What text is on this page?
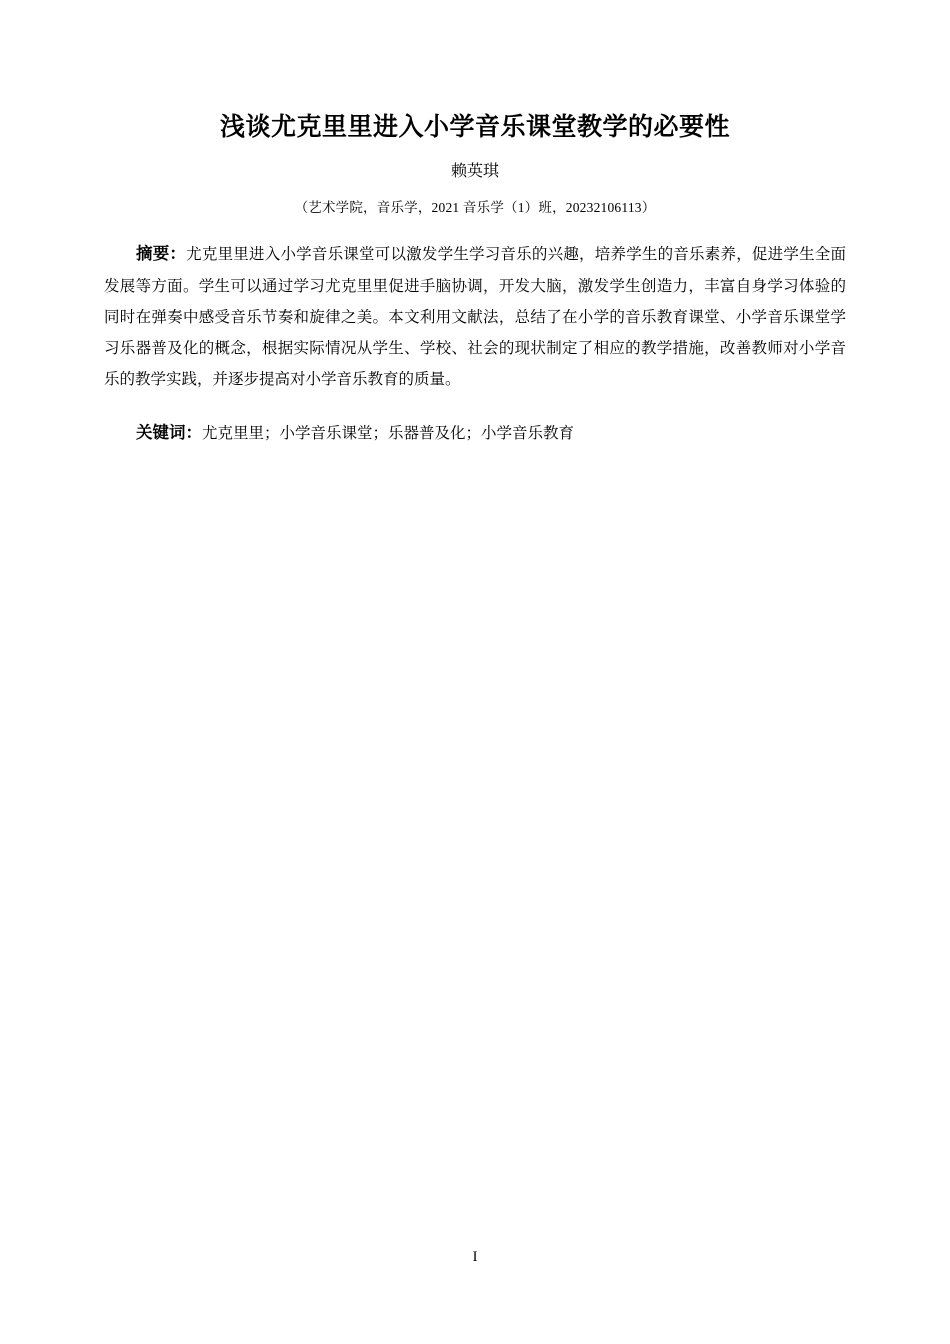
浅谈尤克里里进入小学音乐课堂教学的必要性
赖英琪
（艺术学院，音乐学，2021 音乐学（1）班，20232106113）

摘要：尤克里里进入小学音乐课堂可以激发学生学习音乐的兴趣，培养学生的音乐素养，促进学生全面发展等方面。学生可以通过学习尤克里里促进手脑协调，开发大脑，激发学生创造力，丰富自身学习体验的同时在弹奏中感受音乐节奏和旋律之美。本文利用文献法，总结了在小学的音乐教育课堂、小学音乐课堂学习乐器普及化的概念，根据实际情况从学生、学校、社会的现状制定了相应的教学措施，改善教师对小学音乐的教学实践，并逐步提高对小学音乐教育的质量。

关键词：尤克里里；小学音乐课堂；乐器普及化；小学音乐教育

I
